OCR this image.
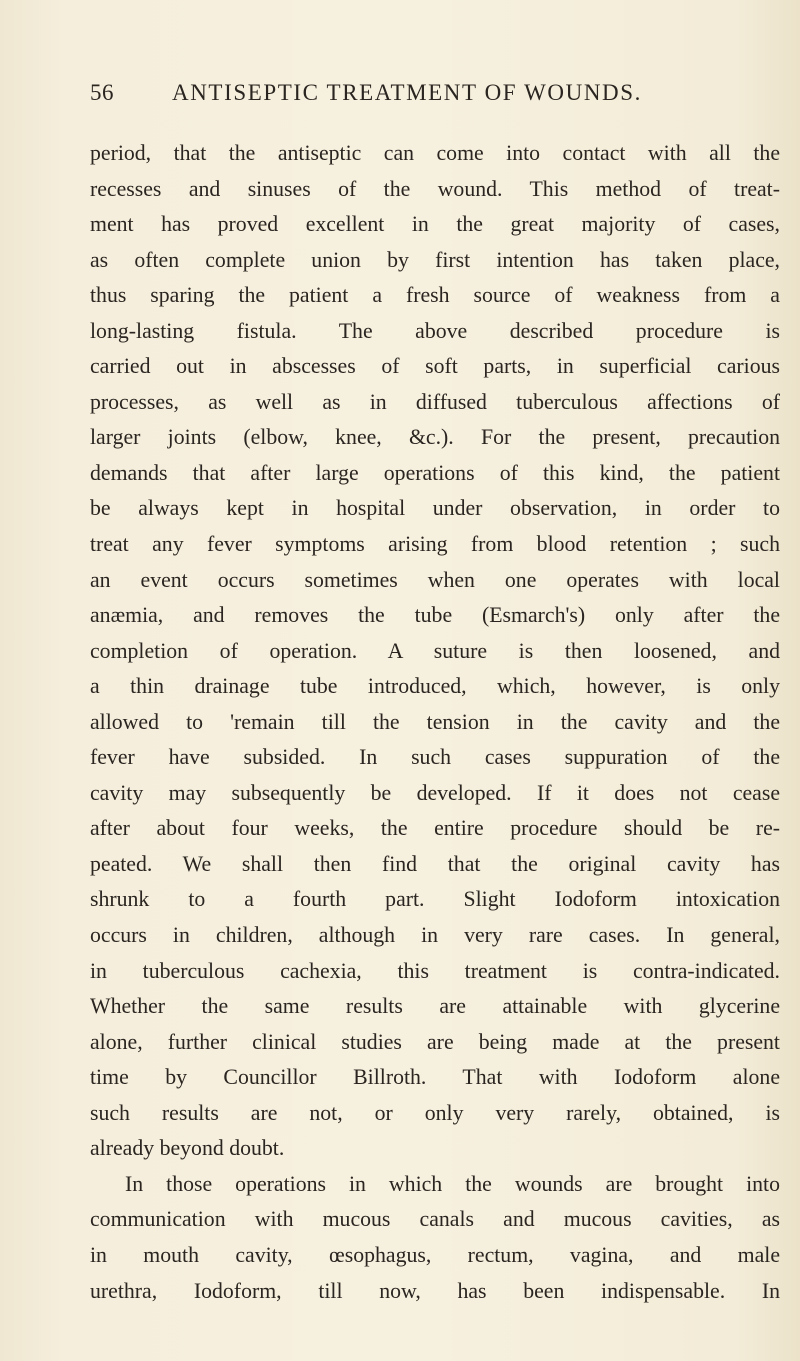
56	ANTISEPTIC TREATMENT OF WOUNDS.
period, that the antiseptic can come into contact with all the
recesses and sinuses of the wound. This method of treat-
ment has proved excellent in the great majority of cases,
as often complete union by first intention has taken place,
thus sparing the patient a fresh source of weakness from a
long-lasting fistula. The above described procedure is
carried out in abscesses of soft parts, in superficial carious
processes, as well as in diffused tuberculous affections of
larger joints (elbow, knee, &c.). For the present, precaution
demands that after large operations of this kind, the patient
be always kept in hospital under observation, in order to
treat any fever symptoms arising from blood retention ; such
an event occurs sometimes when one operates with local
anæmia, and removes the tube (Esmarch's) only after the
completion of operation. A suture is then loosened, and
a thin drainage tube introduced, which, however, is only
allowed to 'remain till the tension in the cavity and the
fever have subsided. In such cases suppuration of the
cavity may subsequently be developed. If it does not cease
after about four weeks, the entire procedure should be re-
peated. We shall then find that the original cavity has
shrunk to a fourth part. Slight Iodoform intoxication
occurs in children, although in very rare cases. In general,
in tuberculous cachexia, this treatment is contra-indicated.
Whether the same results are attainable with glycerine
alone, further clinical studies are being made at the present
time by Councillor Billroth. That with Iodoform alone
such results are not, or only very rarely, obtained, is
already beyond doubt.
In those operations in which the wounds are brought into
communication with mucous canals and mucous cavities, as
in mouth cavity, œsophagus, rectum, vagina, and male
urethra, Iodoform, till now, has been indispensable. In
